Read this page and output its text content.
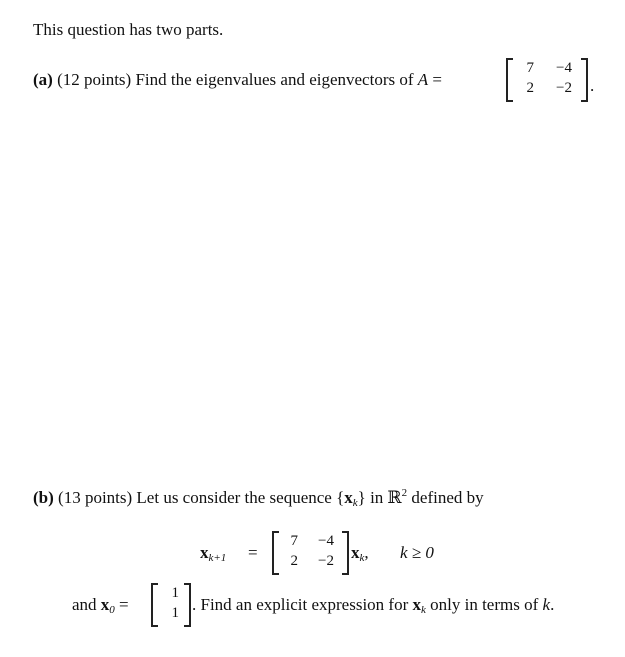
This question has two parts.
(a) (12 points) Find the eigenvalues and eigenvectors of A =
7	−4
2	−2 .
(b) (13 points) Let us consider the sequence $\{x_k\}$ in ℝ$^2$ defined by
$x_{k+1}$ =
7	−4
2	−2 $x_k$, k ≥ 0
and $x_0$ =
1
1 . Find an explicit expression for $x_k$ only in terms of k.
